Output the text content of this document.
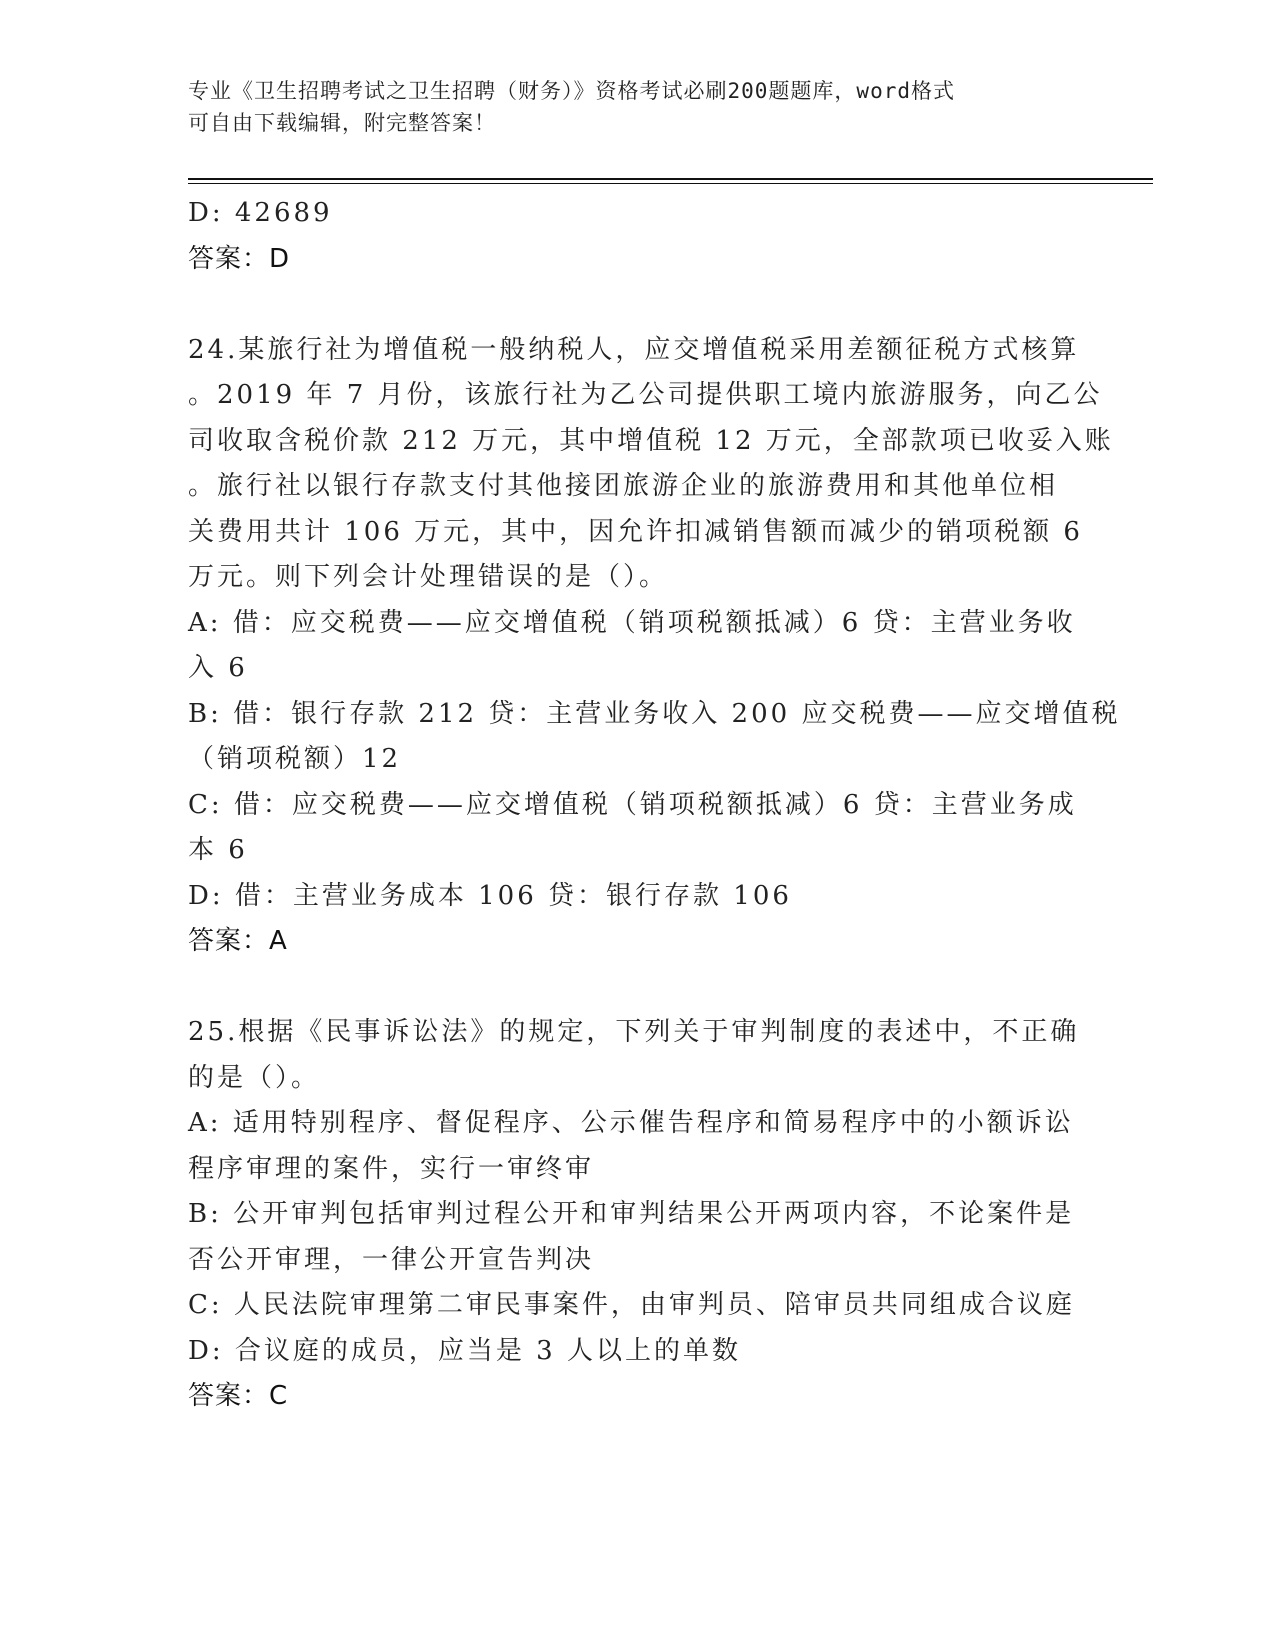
专业《卫生招聘考试之卫生招聘（财务）》资格考试必刷200题题库，word格式
可自由下载编辑，附完整答案！
D: 42689
答案：D
24.某旅行社为增值税一般纳税人，应交增值税采用差额征税方式核算
。2019 年 7 月份，该旅行社为乙公司提供职工境内旅游服务，向乙公
司收取含税价款 212 万元，其中增值税 12 万元，全部款项已收妥入账
。旅行社以银行存款支付其他接团旅游企业的旅游费用和其他单位相
关费用共计 106 万元，其中，因允许扣减销售额而减少的销项税额 6
万元。则下列会计处理错误的是（）。
A: 借：应交税费——应交增值税（销项税额抵减）6 贷：主营业务收
入 6
B: 借：银行存款 212 贷：主营业务收入 200 应交税费——应交增值税
（销项税额）12
C: 借：应交税费——应交增值税（销项税额抵减）6 贷：主营业务成
本 6
D: 借：主营业务成本 106 贷：银行存款 106
答案：A
25.根据《民事诉讼法》的规定，下列关于审判制度的表述中，不正确
的是（）。
A: 适用特别程序、督促程序、公示催告程序和简易程序中的小额诉讼
程序审理的案件，实行一审终审
B: 公开审判包括审判过程公开和审判结果公开两项内容，不论案件是
否公开审理，一律公开宣告判决
C: 人民法院审理第二审民事案件，由审判员、陪审员共同组成合议庭
D: 合议庭的成员，应当是 3 人以上的单数
答案：C
